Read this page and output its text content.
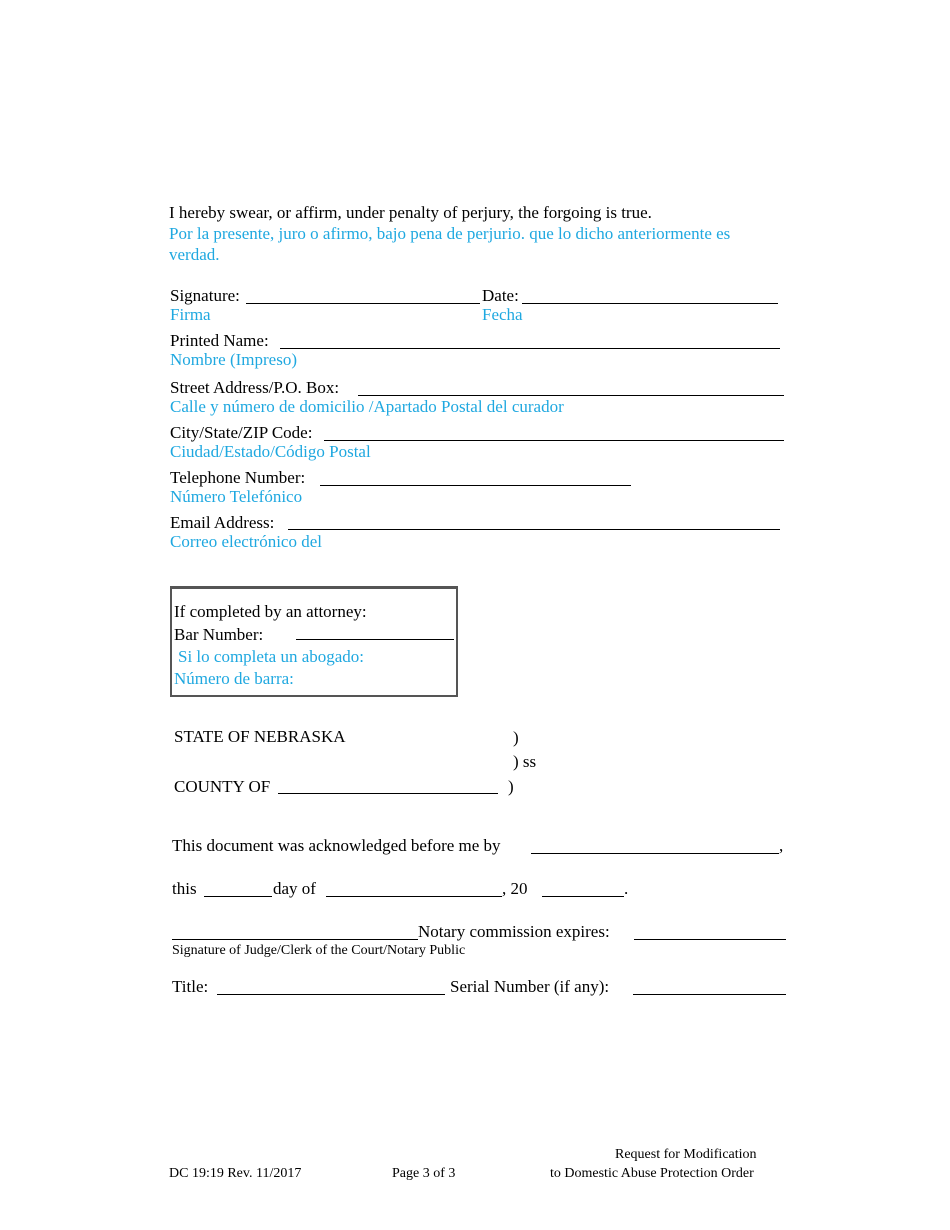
I hereby swear, or affirm, under penalty of perjury, the forgoing is true.
Por la presente, juro o afirmo, bajo pena de perjurio. que lo dicho anteriormente es
verdad.
Signature:	Date:
Firma	Fecha
Printed Name:
Nombre (Impreso)
Street Address/P.O. Box:
Calle y número de domicilio /Apartado Postal del curador
City/State/ZIP Code:
Ciudad/Estado/Código Postal
Telephone Number:
Número Telefónico
Email Address:
Correo electrónico del
If completed by an attorney:
Bar Number:
Si lo completa un abogado:
Número de barra:
STATE OF NEBRASKA	)
) ss
COUNTY OF	)
This document was acknowledged before me by	,
this	day of	, 20	.
Notary commission expires:
Signature of Judge/Clerk of the Court/Notary Public
Title:	Serial Number (if any):
Request for Modification
DC 19:19 Rev. 11/2017	Page 3 of 3	to Domestic Abuse Protection Order
